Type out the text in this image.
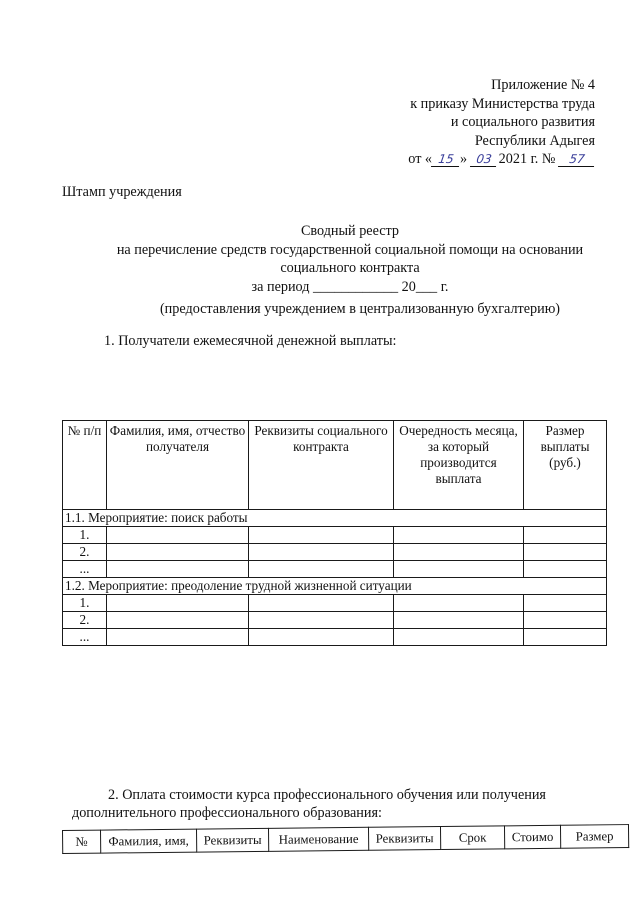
Приложение № 4
к приказу Министерства труда
и социального развития
Республики Адыгея
от « 15 » 03 2021 г. № 57
Штамп учреждения
Сводный реестр
на перечисление средств государственной социальной помощи на основании
социального контракта
за период ____________ 20___ г.
(предоставления учреждением в централизованную бухгалтерию)
1. Получатели ежемесячной денежной выплаты:
№ п/п	Фамилия, имя, отчество получателя	Реквизиты социального контракта	Очередность месяца, за который производится выплата	Размер выплаты (руб.)
1.1. Мероприятие: поиск работы				
1.				
2.				
...				
1.2. Мероприятие: преодоление трудной жизненной ситуации				
1.				
2.				
...				
2. Оплата стоимости курса профессионального обучения или получения
дополнительного профессионального образования:
№	Фамилия, имя,	Реквизиты	Наименование	Реквизиты	Срок	Стоимо	Размер
